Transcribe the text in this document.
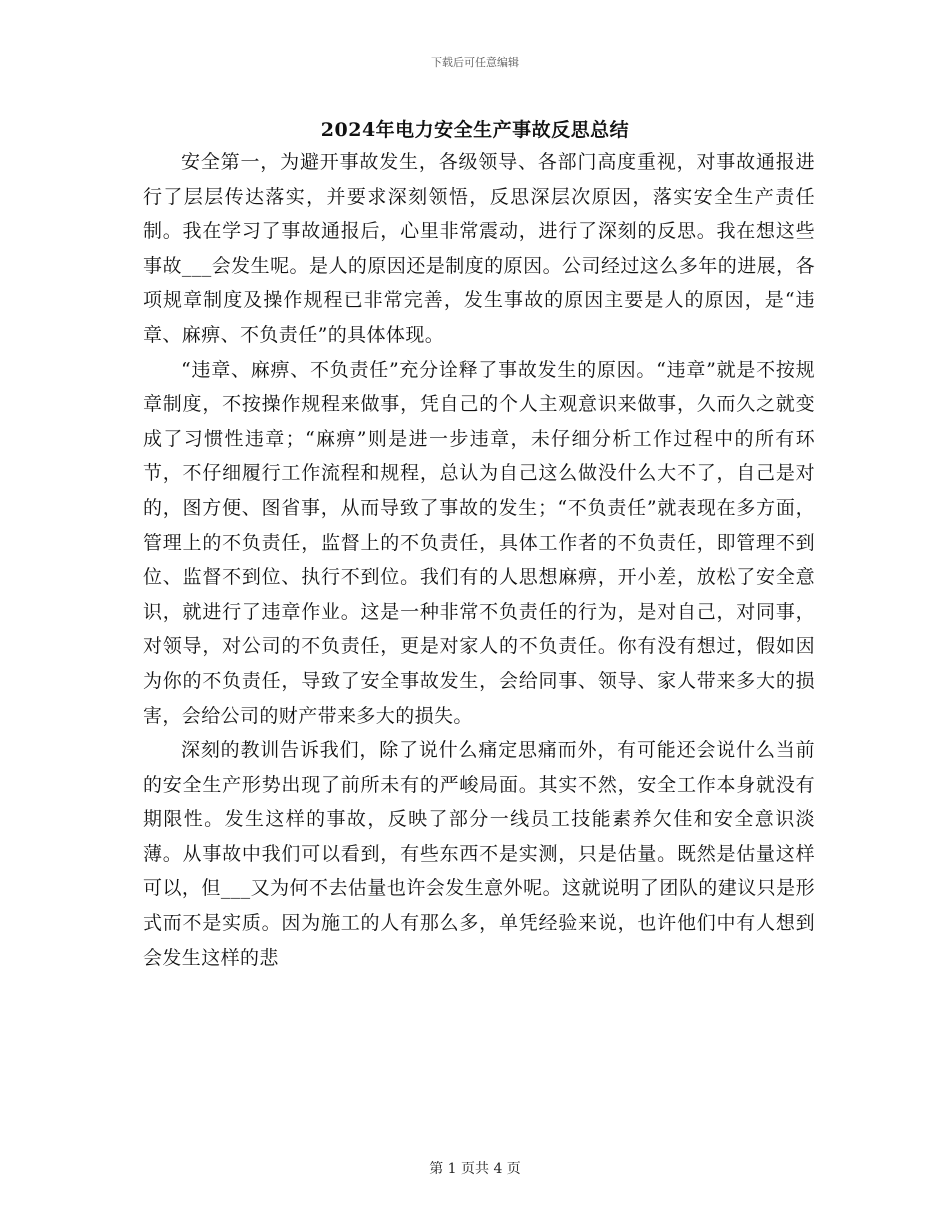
下载后可任意编辑
2024年电力安全生产事故反思总结

安全第一，为避开事故发生，各级领导、各部门高度重视，对事故通报进行了层层传达落实，并要求深刻领悟，反思深层次原因，落实安全生产责任制。我在学习了事故通报后，心里非常震动，进行了深刻的反思。我在想这些事故___会发生呢。是人的原因还是制度的原因。公司经过这么多年的进展，各项规章制度及操作规程已非常完善，发生事故的原因主要是人的原因，是“违章、麻痹、不负责任”的具体体现。

“违章、麻痹、不负责任”充分诠释了事故发生的原因。“违章”就是不按规章制度，不按操作规程来做事，凭自己的个人主观意识来做事，久而久之就变成了习惯性违章；“麻痹”则是进一步违章，未仔细分析工作过程中的所有环节，不仔细履行工作流程和规程，总认为自己这么做没什么大不了，自己是对的，图方便、图省事，从而导致了事故的发生；“不负责任”就表现在多方面，管理上的不负责任，监督上的不负责任，具体工作者的不负责任，即管理不到位、监督不到位、执行不到位。我们有的人思想麻痹，开小差，放松了安全意识，就进行了违章作业。这是一种非常不负责任的行为，是对自己，对同事，对领导，对公司的不负责任，更是对家人的不负责任。你有没有想过，假如因为你的不负责任，导致了安全事故发生，会给同事、领导、家人带来多大的损害，会给公司的财产带来多大的损失。

深刻的教训告诉我们，除了说什么痛定思痛而外，有可能还会说什么当前的安全生产形势出现了前所未有的严峻局面。其实不然，安全工作本身就没有期限性。发生这样的事故，反映了部分一线员工技能素养欠佳和安全意识淡薄。从事故中我们可以看到，有些东西不是实测，只是估量。既然是估量这样可以，但___又为何不去估量也许会发生意外呢。这就说明了团队的建议只是形式而不是实质。因为施工的人有那么多，单凭经验来说，也许他们中有人想到会发生这样的悲

第 1 页共 4 页
